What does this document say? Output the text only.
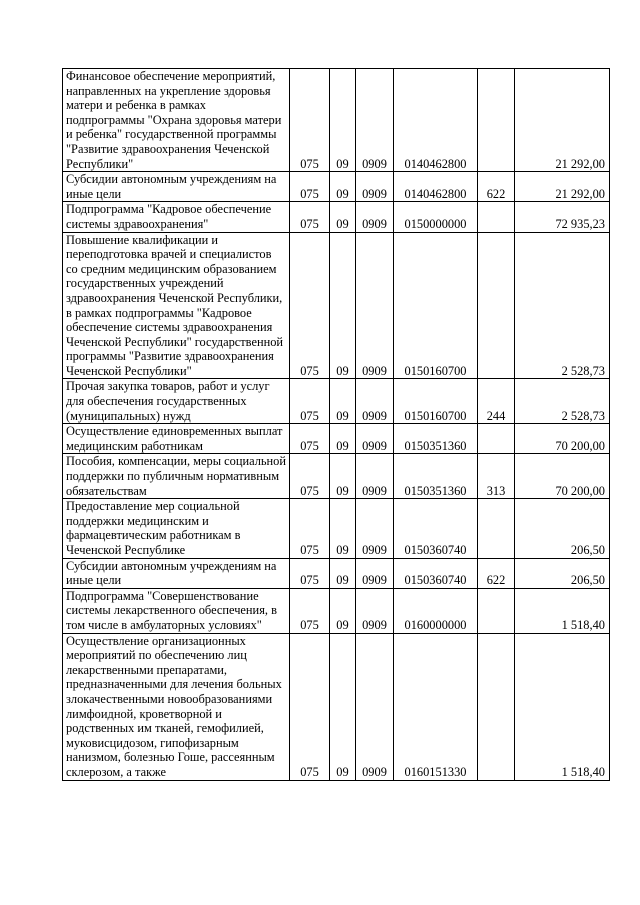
Финансовое обеспечение мероприятий, направленных на укрепление здоровья матери и ребенка в рамках подпрограммы "Охрана здоровья матери и ребенка" государственной программы "Развитие здравоохранения Чеченской Республики"	075	09	0909	0140462800		21 292,00
Субсидии автономным учреждениям на иные цели	075	09	0909	0140462800	622	21 292,00
Подпрограмма "Кадровое обеспечение системы здравоохранения"	075	09	0909	0150000000		72 935,23
Повышение квалификации и переподготовка врачей и специалистов со средним медицинским образованием государственных учреждений здравоохранения Чеченской Республики, в рамках подпрограммы "Кадровое обеспечение системы здравоохранения Чеченской Республики" государственной программы "Развитие здравоохранения Чеченской Республики"	075	09	0909	0150160700		2 528,73
Прочая закупка товаров, работ и услуг для обеспечения государственных (муниципальных) нужд	075	09	0909	0150160700	244	2 528,73
Осуществление единовременных выплат медицинским работникам	075	09	0909	0150351360		70 200,00
Пособия, компенсации, меры социальной поддержки по публичным нормативным обязательствам	075	09	0909	0150351360	313	70 200,00
Предоставление мер социальной поддержки медицинским и фармацевтическим работникам в Чеченской Республике	075	09	0909	0150360740		206,50
Субсидии автономным учреждениям на иные цели	075	09	0909	0150360740	622	206,50
Подпрограмма "Совершенствование системы лекарственного обеспечения, в том числе в амбулаторных условиях"	075	09	0909	0160000000		1 518,40
Осуществление организационных мероприятий по обеспечению лиц лекарственными препаратами, предназначенными для лечения больных злокачественными новообразованиями лимфоидной, кроветворной и родственных им тканей, гемофилией, муковисцидозом, гипофизарным нанизмом, болезнью Гоше, рассеянным склерозом, а также	075	09	0909	0160151330		1 518,40
